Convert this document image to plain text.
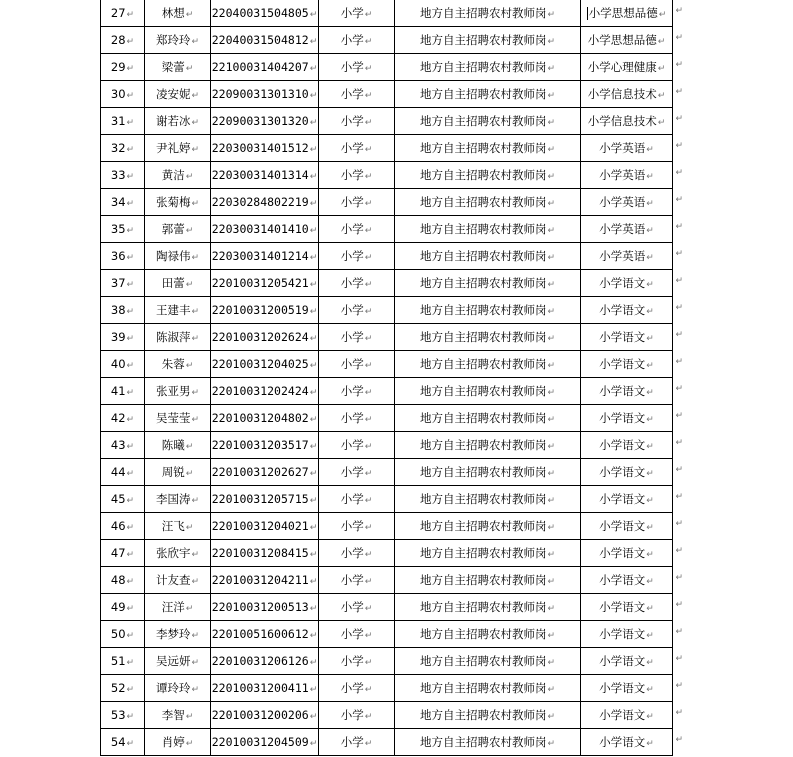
27↵	林想↵	22040031504805↵	小学↵	地方自主招聘农村教师岗↵	小学思想品德↵ ↵

28↵	郑玲玲↵	22040031504812↵	小学↵	地方自主招聘农村教师岗↵	小学思想品德↵ ↵

29↵	梁蕾↵	22100031404207↵	小学↵	地方自主招聘农村教师岗↵	小学心理健康↵ ↵

30↵	凌安妮↵	22090031301310↵	小学↵	地方自主招聘农村教师岗↵	小学信息技术↵ ↵

31↵	谢若冰↵	22090031301320↵	小学↵	地方自主招聘农村教师岗↵	小学信息技术↵ ↵

32↵	尹礼婷↵	22030031401512↵	小学↵	地方自主招聘农村教师岗↵	小学英语↵ ↵

33↵	黄洁↵	22030031401314↵	小学↵	地方自主招聘农村教师岗↵	小学英语↵ ↵

34↵	张菊梅↵	22030284802219↵	小学↵	地方自主招聘农村教师岗↵	小学英语↵ ↵

35↵	郭蕾↵	22030031401410↵	小学↵	地方自主招聘农村教师岗↵	小学英语↵ ↵

36↵	陶禄伟↵	22030031401214↵	小学↵	地方自主招聘农村教师岗↵	小学英语↵ ↵

37↵	田蕾↵	22010031205421↵	小学↵	地方自主招聘农村教师岗↵	小学语文↵ ↵

38↵	王建丰↵	22010031200519↵	小学↵	地方自主招聘农村教师岗↵	小学语文↵ ↵

39↵	陈淑萍↵	22010031202624↵	小学↵	地方自主招聘农村教师岗↵	小学语文↵ ↵

40↵	朱蓉↵	22010031204025↵	小学↵	地方自主招聘农村教师岗↵	小学语文↵ ↵

41↵	张亚男↵	22010031202424↵	小学↵	地方自主招聘农村教师岗↵	小学语文↵ ↵

42↵	吴莹莹↵	22010031204802↵	小学↵	地方自主招聘农村教师岗↵	小学语文↵ ↵

43↵	陈曦↵	22010031203517↵	小学↵	地方自主招聘农村教师岗↵	小学语文↵ ↵

44↵	周锐↵	22010031202627↵	小学↵	地方自主招聘农村教师岗↵	小学语文↵ ↵

45↵	李国涛↵	22010031205715↵	小学↵	地方自主招聘农村教师岗↵	小学语文↵ ↵

46↵	汪飞↵	22010031204021↵	小学↵	地方自主招聘农村教师岗↵	小学语文↵ ↵

47↵	张欣宇↵	22010031208415↵	小学↵	地方自主招聘农村教师岗↵	小学语文↵ ↵

48↵	计友查↵	22010031204211↵	小学↵	地方自主招聘农村教师岗↵	小学语文↵ ↵

49↵	汪洋↵	22010031200513↵	小学↵	地方自主招聘农村教师岗↵	小学语文↵ ↵

50↵	李梦玲↵	22010051600612↵	小学↵	地方自主招聘农村教师岗↵	小学语文↵ ↵

51↵	吴远妍↵	22010031206126↵	小学↵	地方自主招聘农村教师岗↵	小学语文↵ ↵

52↵	谭玲玲↵	22010031200411↵	小学↵	地方自主招聘农村教师岗↵	小学语文↵ ↵

53↵	李智↵	22010031200206↵	小学↵	地方自主招聘农村教师岗↵	小学语文↵ ↵

54↵	肖婷↵	22010031204509↵	小学↵	地方自主招聘农村教师岗↵	小学语文↵ ↵
